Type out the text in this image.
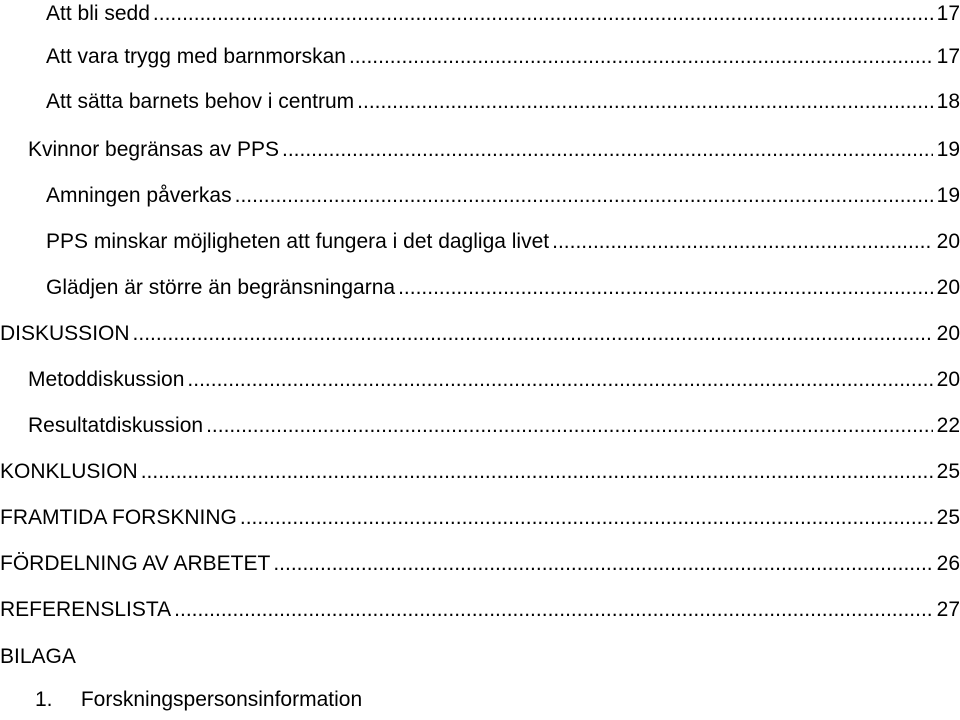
Att bli sedd .....	17
Att vara trygg med barnmorskan .....	17
Att sätta barnets behov i centrum .....	18
Kvinnor begränsas av PPS .....	19
Amningen påverkas .....	19
PPS minskar möjligheten att fungera i det dagliga livet .....	20
Glädjen är större än begränsningarna .....	20
DISKUSSION .....	20
Metoddiskussion .....	20
Resultatdiskussion .....	22
KONKLUSION .....	25
FRAMTIDA FORSKNING .....	25
FÖRDELNING AV ARBETET .....	26
REFERENSLISTA .....	27
BILAGA
1. Forskningspersonsinformation
